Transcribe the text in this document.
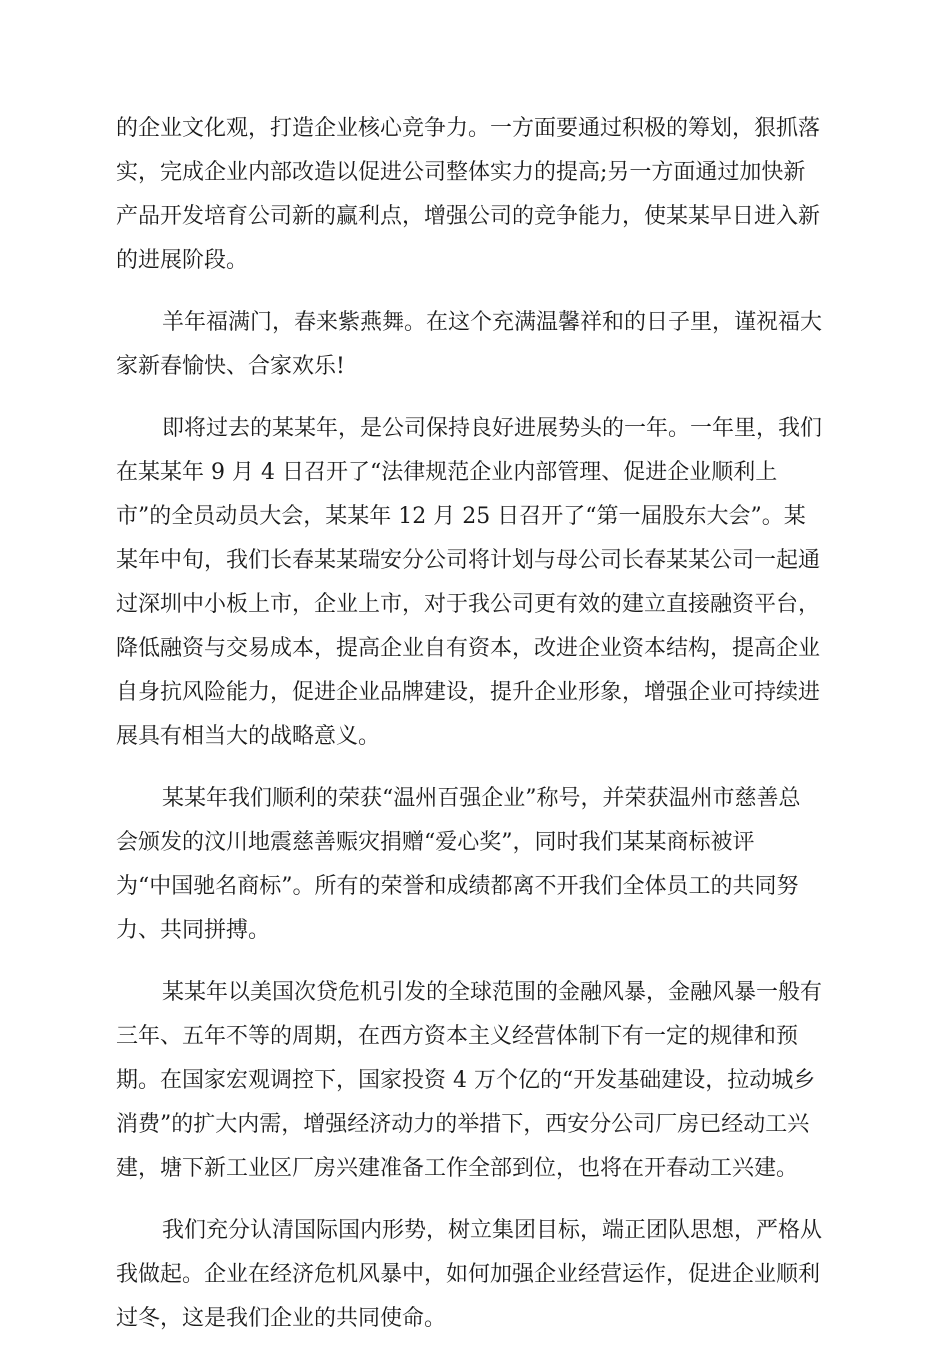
的企业文化观，打造企业核心竞争力。一方面要通过积极的筹划，狠抓落
实，完成企业内部改造以促进公司整体实力的提高;另一方面通过加快新
产品开发培育公司新的赢利点，增强公司的竞争能力，使某某早日进入新
的进展阶段。
羊年福满门，春来紫燕舞。在这个充满温馨祥和的日子里，谨祝福大
家新春愉快、合家欢乐!
即将过去的某某年，是公司保持良好进展势头的一年。一年里，我们
在某某年 9 月 4 日召开了“法律规范企业内部管理、促进企业顺利上
市”的全员动员大会，某某年 12 月 25 日召开了“第一届股东大会”。某
某年中旬，我们长春某某瑞安分公司将计划与母公司长春某某公司一起通
过深圳中小板上市，企业上市，对于我公司更有效的建立直接融资平台，
降低融资与交易成本，提高企业自有资本，改进企业资本结构，提高企业
自身抗风险能力，促进企业品牌建设，提升企业形象，增强企业可持续进
展具有相当大的战略意义。
某某年我们顺利的荣获“温州百强企业”称号，并荣获温州市慈善总
会颁发的汶川地震慈善赈灾捐赠“爱心奖”，同时我们某某商标被评
为“中国驰名商标”。所有的荣誉和成绩都离不开我们全体员工的共同努
力、共同拼搏。
某某年以美国次贷危机引发的全球范围的金融风暴，金融风暴一般有
三年、五年不等的周期，在西方资本主义经营体制下有一定的规律和预
期。在国家宏观调控下，国家投资 4 万个亿的“开发基础建设，拉动城乡
消费”的扩大内需，增强经济动力的举措下，西安分公司厂房已经动工兴
建，塘下新工业区厂房兴建准备工作全部到位，也将在开春动工兴建。
我们充分认清国际国内形势，树立集团目标，端正团队思想，严格从
我做起。企业在经济危机风暴中，如何加强企业经营运作，促进企业顺利
过冬，这是我们企业的共同使命。
